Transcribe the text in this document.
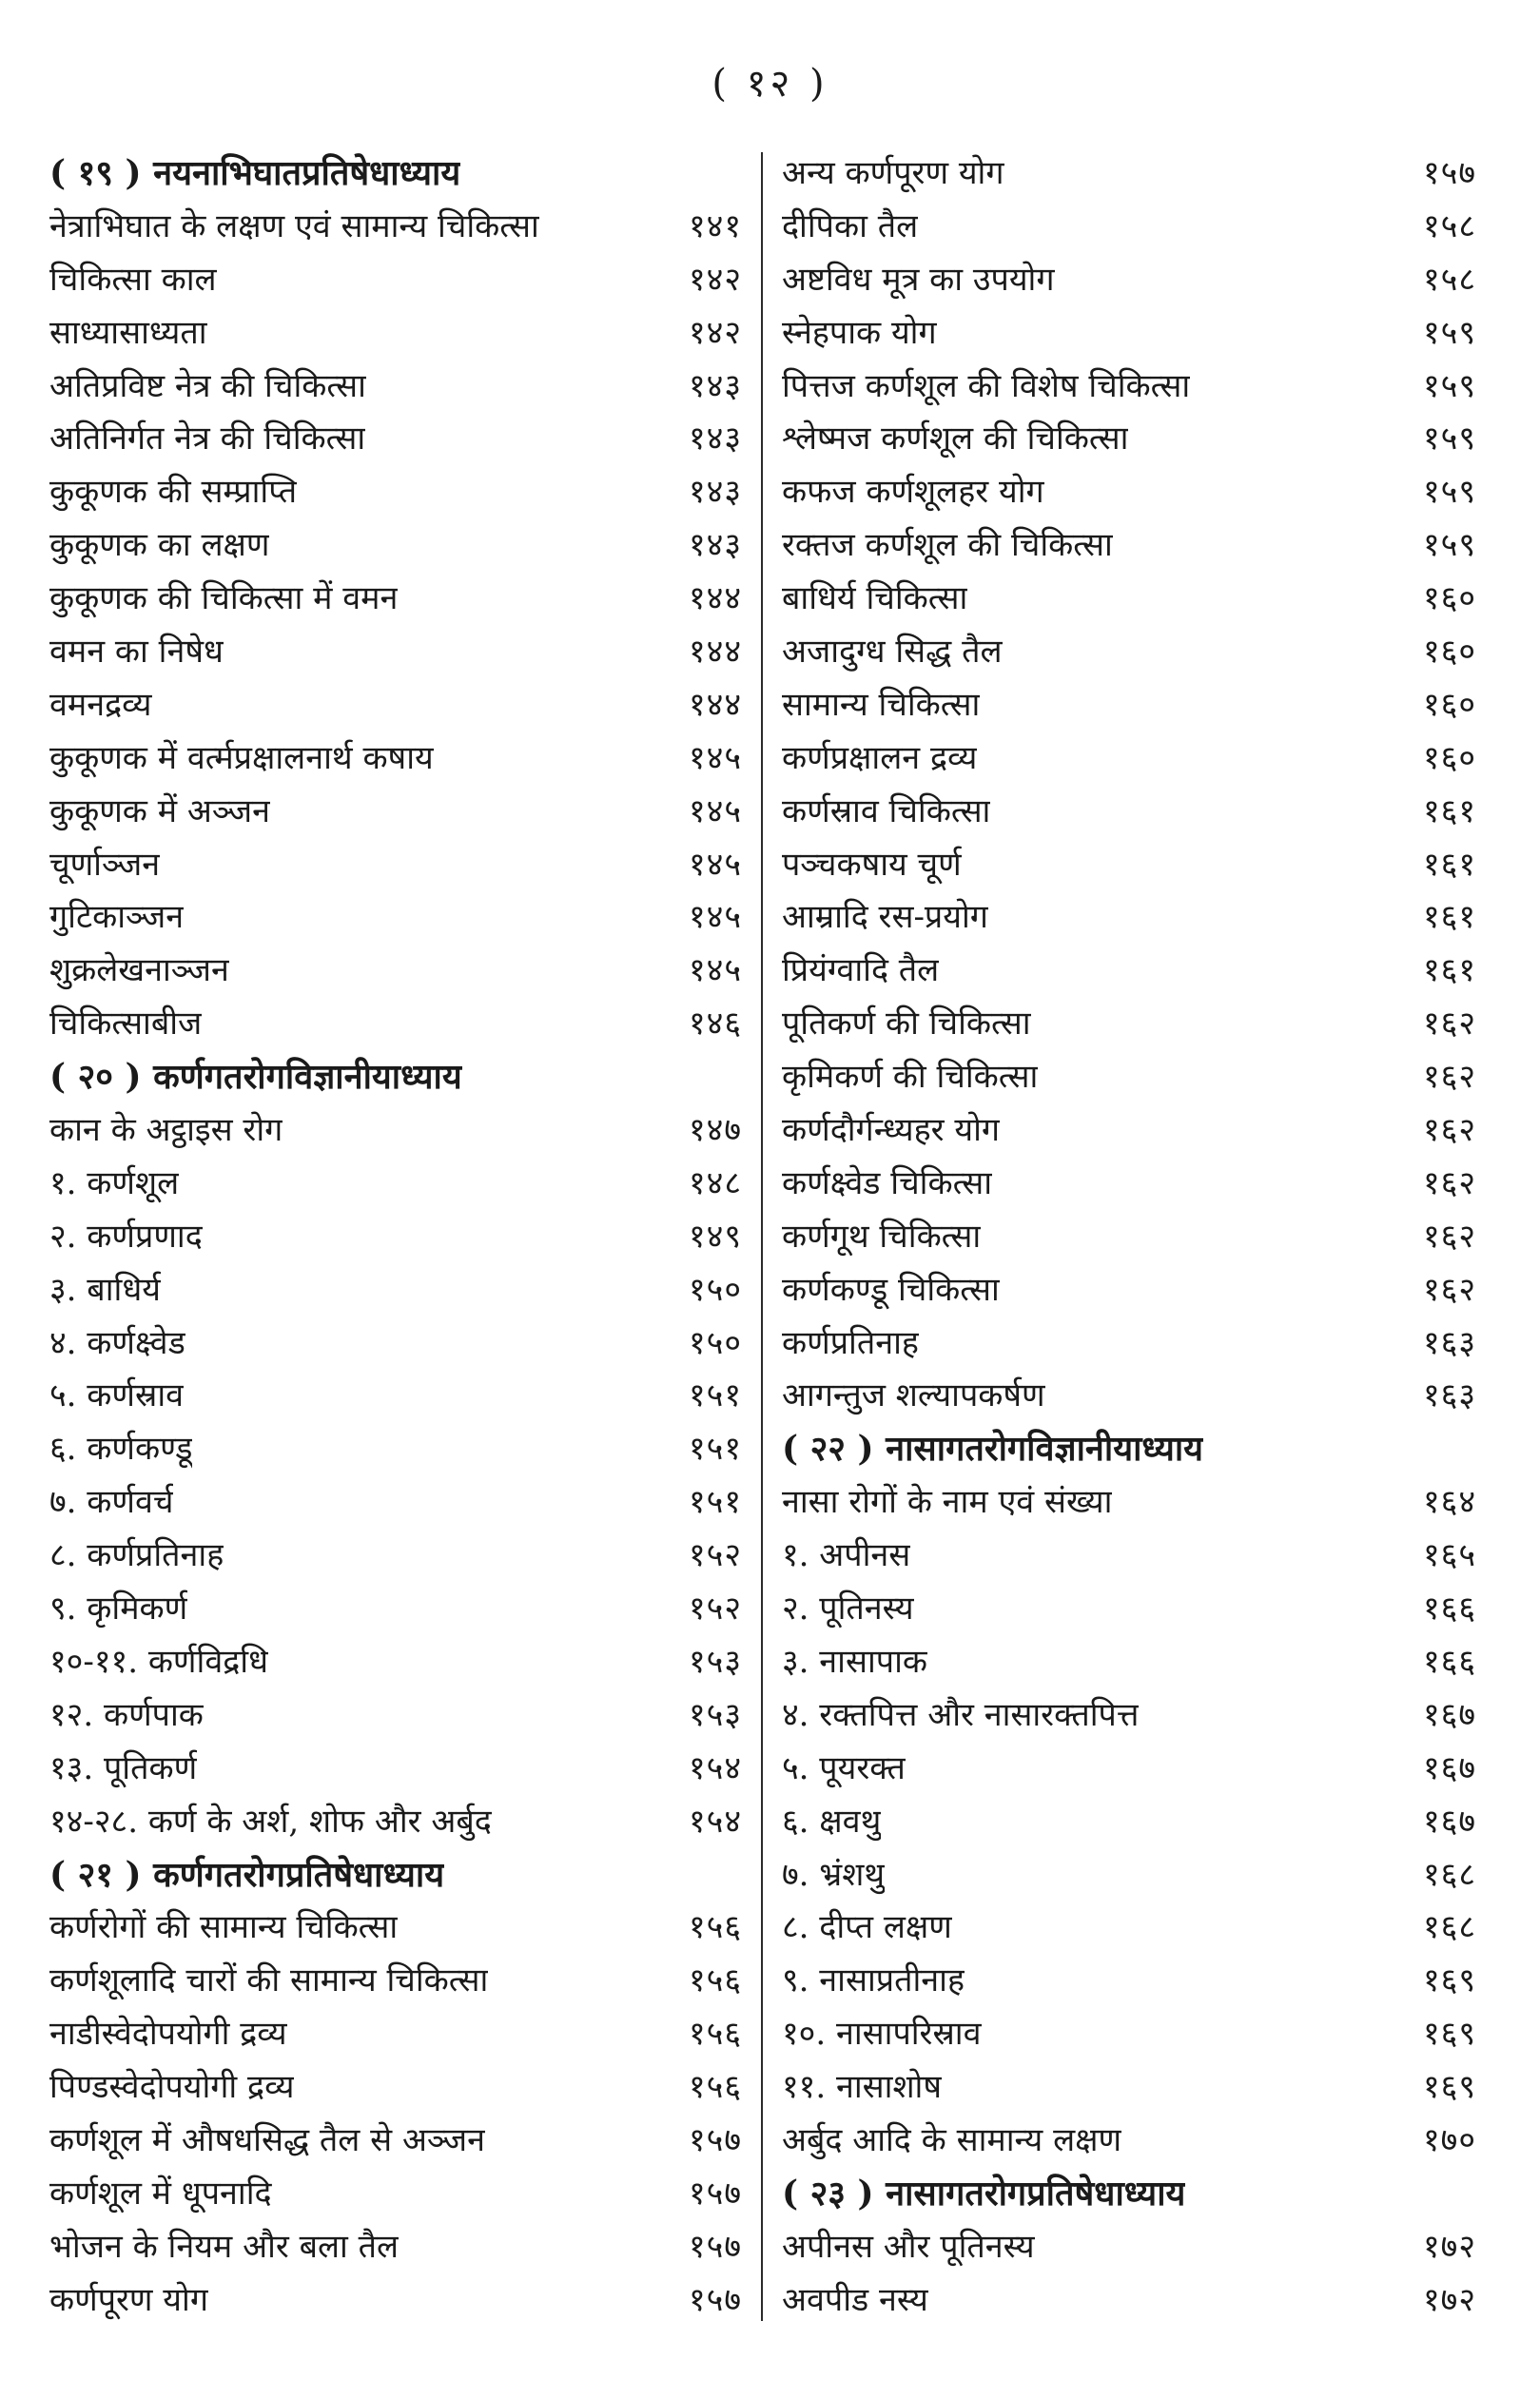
( १२ )
( १९ ) नयनाभिघातप्रतिषेधाध्याय
नेत्राभिघात के लक्षण एवं सामान्य चिकित्सा	१४१
चिकित्सा काल	१४२
साध्यासाध्यता	१४२
अतिप्रविष्ट नेत्र की चिकित्सा	१४३
अतिनिर्गत नेत्र की चिकित्सा	१४३
कुकूणक की सम्प्राप्ति	१४३
कुकूणक का लक्षण	१४३
कुकूणक की चिकित्सा में वमन	१४४
वमन का निषेध	१४४
वमनद्रव्य	१४४
कुकूणक में वर्त्मप्रक्षालनार्थ कषाय	१४५
कुकूणक में अञ्जन	१४५
चूर्णाञ्जन	१४५
गुटिकाञ्जन	१४५
शुक्रलेखनाञ्जन	१४५
चिकित्साबीज	१४६
( २० ) कर्णगतरोगविज्ञानीयाध्याय
कान के अट्ठाइस रोग	१४७
१. कर्णशूल	१४८
२. कर्णप्रणाद	१४९
३. बाधिर्य	१५०
४. कर्णक्ष्वेड	१५०
५. कर्णस्राव	१५१
६. कर्णकण्डू	१५१
७. कर्णवर्च	१५१
८. कर्णप्रतिनाह	१५२
९. कृमिकर्ण	१५२
१०-११. कर्णविद्रधि	१५३
१२. कर्णपाक	१५३
१३. पूतिकर्ण	१५४
१४-२८. कर्ण के अर्श, शोफ और अर्बुद	१५४
( २१ ) कर्णगतरोगप्रतिषेधाध्याय
कर्णरोगों की सामान्य चिकित्सा	१५६
कर्णशूलादि चारों की सामान्य चिकित्सा	१५६
नाडीस्वेदोपयोगी द्रव्य	१५६
पिण्डस्वेदोपयोगी द्रव्य	१५६
कर्णशूल में औषधसिद्ध तैल से अञ्जन	१५७
कर्णशूल में धूपनादि	१५७
भोजन के नियम और बला तैल	१५७
कर्णपूरण योग	१५७
अन्य कर्णपूरण योग	१५७
दीपिका तैल	१५८
अष्टविध मूत्र का उपयोग	१५८
स्नेहपाक योग	१५९
पित्तज कर्णशूल की विशेष चिकित्सा	१५९
श्लेष्मज कर्णशूल की चिकित्सा	१५९
कफज कर्णशूलहर योग	१५९
रक्तज कर्णशूल की चिकित्सा	१५९
बाधिर्य चिकित्सा	१६०
अजादुग्ध सिद्ध तैल	१६०
सामान्य चिकित्सा	१६०
कर्णप्रक्षालन द्रव्य	१६०
कर्णस्राव चिकित्सा	१६१
पञ्चकषाय चूर्ण	१६१
आम्रादि रस-प्रयोग	१६१
प्रियंग्वादि तैल	१६१
पूतिकर्ण की चिकित्सा	१६२
कृमिकर्ण की चिकित्सा	१६२
कर्णदौर्गन्ध्यहर योग	१६२
कर्णक्ष्वेड चिकित्सा	१६२
कर्णगूथ चिकित्सा	१६२
कर्णकण्डू चिकित्सा	१६२
कर्णप्रतिनाह	१६३
आगन्तुज शल्यापकर्षण	१६३
( २२ ) नासागतरोगविज्ञानीयाध्याय
नासा रोगों के नाम एवं संख्या	१६४
१. अपीनस	१६५
२. पूतिनस्य	१६६
३. नासापाक	१६६
४. रक्तपित्त और नासारक्तपित्त	१६७
५. पूयरक्त	१६७
६. क्षवथु	१६७
७. भ्रंशथु	१६८
८. दीप्त लक्षण	१६८
९. नासाप्रतीनाह	१६९
१०. नासापरिस्राव	१६९
११. नासाशोष	१६९
अर्बुद आदि के सामान्य लक्षण	१७०
( २३ ) नासागतरोगप्रतिषेधाध्याय
अपीनस और पूतिनस्य	१७२
अवपीड नस्य	१७२
